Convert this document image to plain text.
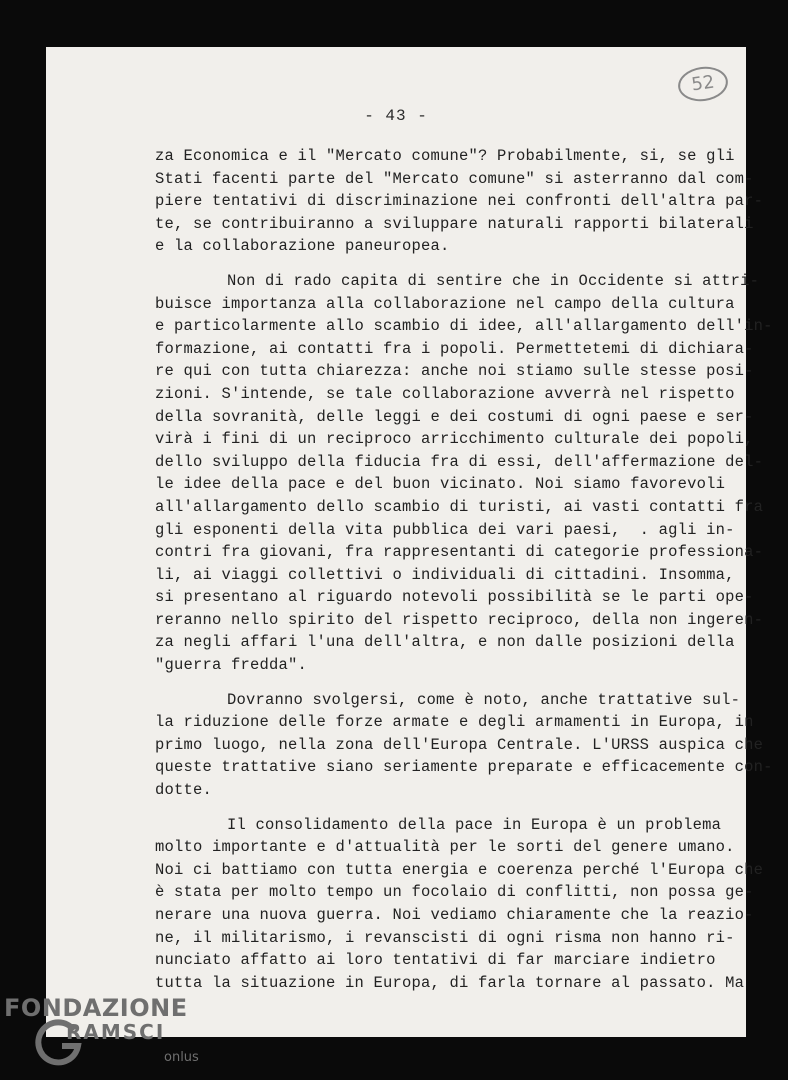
52
- 43 -
za Economica e il "Mercato comune"? Probabilmente, si, se gli
Stati facenti parte del "Mercato comune" si asterranno dal com-
piere tentativi di discriminazione nei confronti dell'altra par-
te, se contribuiranno a sviluppare naturali rapporti bilaterali
e la collaborazione paneuropea.
Non di rado capita di sentire che in Occidente si attri-
buisce importanza alla collaborazione nel campo della cultura
e particolarmente allo scambio di idee, all'allargamento dell'in-
formazione, ai contatti fra i popoli. Permettetemi di dichiara-
re qui con tutta chiarezza: anche noi stiamo sulle stesse posi-
zioni. S'intende, se tale collaborazione avverrà nel rispetto
della sovranità, delle leggi e dei costumi di ogni paese e ser-
virà i fini di un reciproco arricchimento culturale dei popoli,
dello sviluppo della fiducia fra di essi, dell'affermazione del-
le idee della pace e del buon vicinato. Noi siamo favorevoli
all'allargamento dello scambio di turisti, ai vasti contatti fra
gli esponenti della vita pubblica dei vari paesi,  . agli in-
contri fra giovani, fra rappresentanti di categorie professiona-
li, ai viaggi collettivi o individuali di cittadini. Insomma,
si presentano al riguardo notevoli possibilità se le parti ope-
reranno nello spirito del rispetto reciproco, della non ingeren-
za negli affari l'una dell'altra, e non dalle posizioni della
"guerra fredda".
Dovranno svolgersi, come è noto, anche trattative sul-
la riduzione delle forze armate e degli armamenti in Europa, in
primo luogo, nella zona dell'Europa Centrale. L'URSS auspica che
queste trattative siano seriamente preparate e efficacemente con-
dotte.
Il consolidamento della pace in Europa è un problema
molto importante e d'attualità per le sorti del genere umano.
Noi ci battiamo con tutta energia e coerenza perché l'Europa che
è stata per molto tempo un focolaio di conflitti, non possa ge-
nerare una nuova guerra. Noi vediamo chiaramente che la reazio-
ne, il militarismo, i revanscisti di ogni risma non hanno ri-
nunciato affatto ai loro tentativi di far marciare indietro
tutta la situazione in Europa, di farla tornare al passato. Ma
FONDAZIONE
RAMSCI
onlus
